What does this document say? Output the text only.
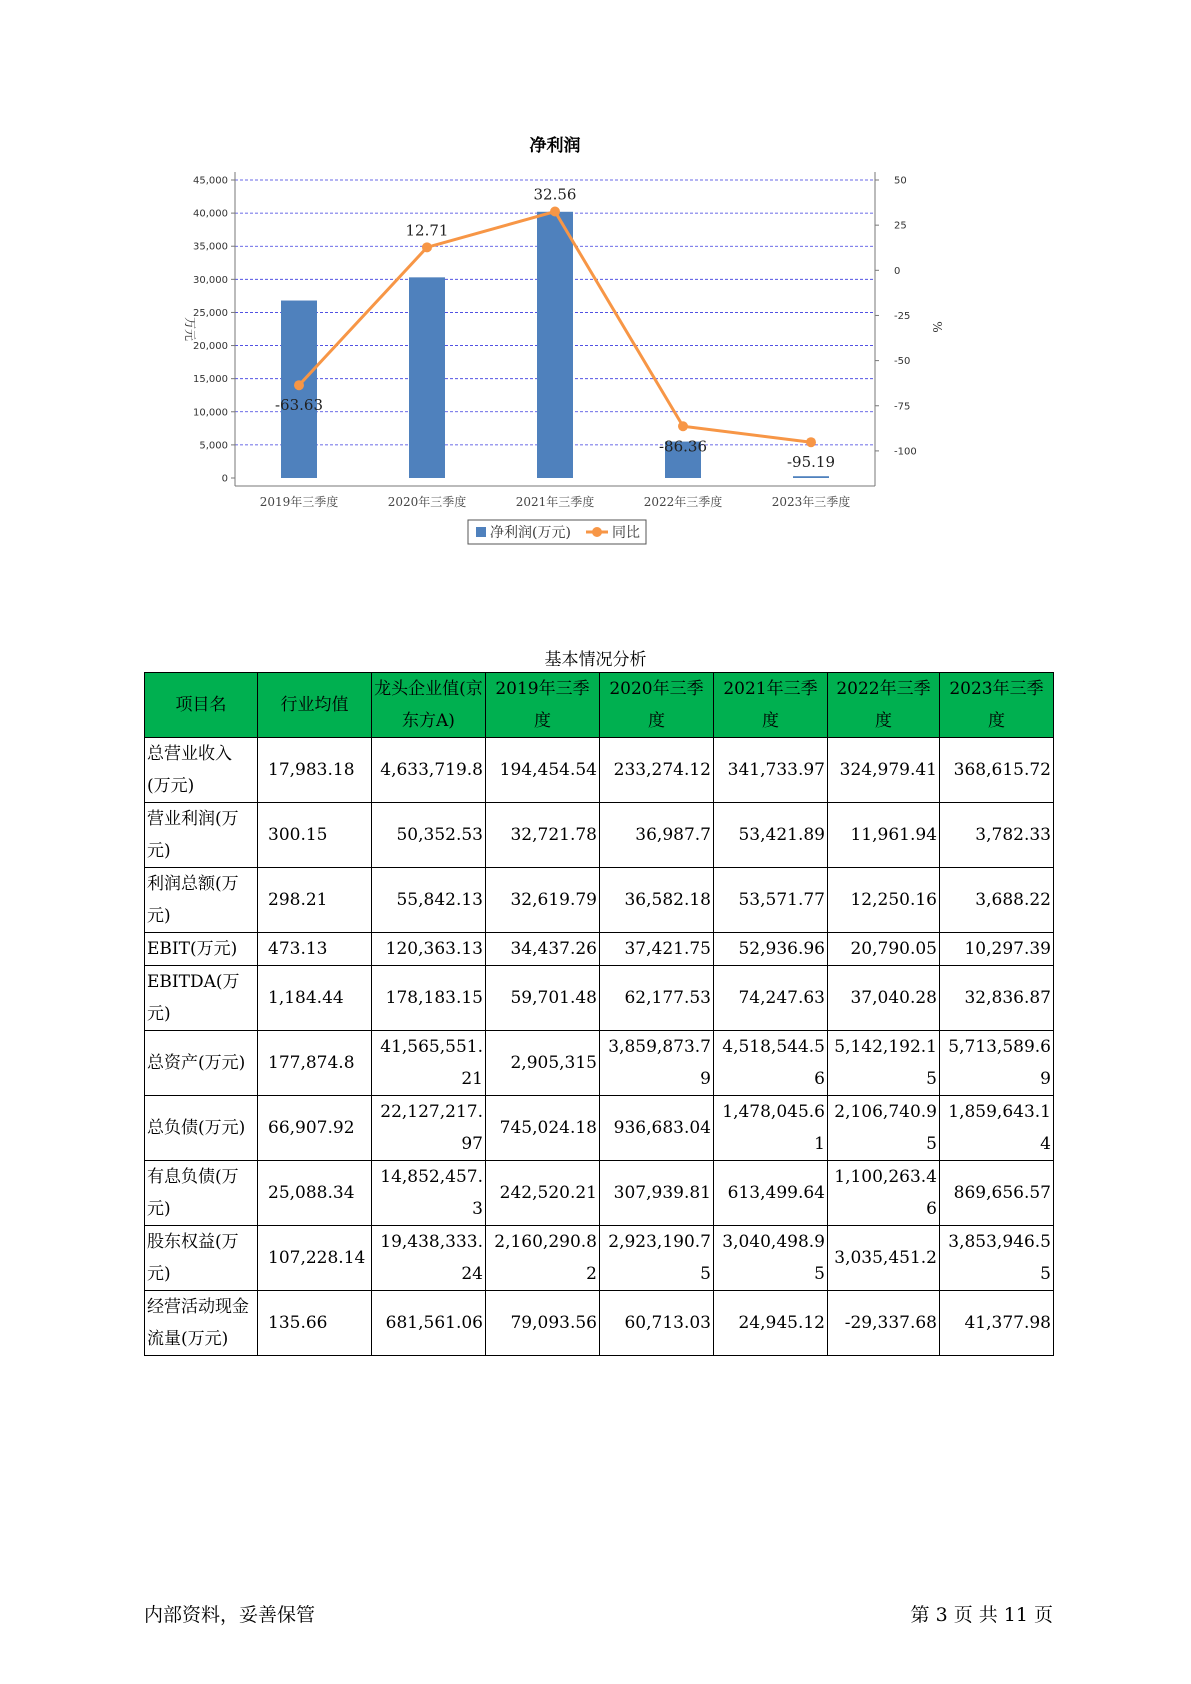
净利润
0
5,000
10,000
15,000
20,000
25,000
30,000
35,000
40,000
45,000	50
25
0
-25
-50
-75
-100
万元	%
2019年三季度	2020年三季度	2021年三季度	2022年三季度	2023年三季度
-63.63
12.71
32.56
-86.36
-95.19
净利润(万元)	同比
基本情况分析
项目名	行业均值	龙头企业值(京东方A)	2019年三季度	2020年三季度	2021年三季度	2022年三季度	2023年三季度
总营业收入(万元)	17,983.18	4,633,719.8	194,454.54	233,274.12	341,733.97	324,979.41	368,615.72
营业利润(万元)	300.15	50,352.53	32,721.78	36,987.7	53,421.89	11,961.94	3,782.33
利润总额(万元)	298.21	55,842.13	32,619.79	36,582.18	53,571.77	12,250.16	3,688.22
EBIT(万元)	473.13	120,363.13	34,437.26	37,421.75	52,936.96	20,790.05	10,297.39
EBITDA(万元)	1,184.44	178,183.15	59,701.48	62,177.53	74,247.63	37,040.28	32,836.87
总资产(万元)	177,874.8	41,565,551.21	2,905,315	3,859,873.79	4,518,544.56	5,142,192.15	5,713,589.69
总负债(万元)	66,907.92	22,127,217.97	745,024.18	936,683.04	1,478,045.61	2,106,740.95	1,859,643.14
有息负债(万元)	25,088.34	14,852,457.3	242,520.21	307,939.81	613,499.64	1,100,263.46	869,656.57
股东权益(万元)	107,228.14	19,438,333.24	2,160,290.82	2,923,190.75	3,040,498.95	3,035,451.2	3,853,946.55
经营活动现金流量(万元)	135.66	681,561.06	79,093.56	60,713.03	24,945.12	-29,337.68	41,377.98
内部资料，妥善保管	第 3 页 共 11 页
